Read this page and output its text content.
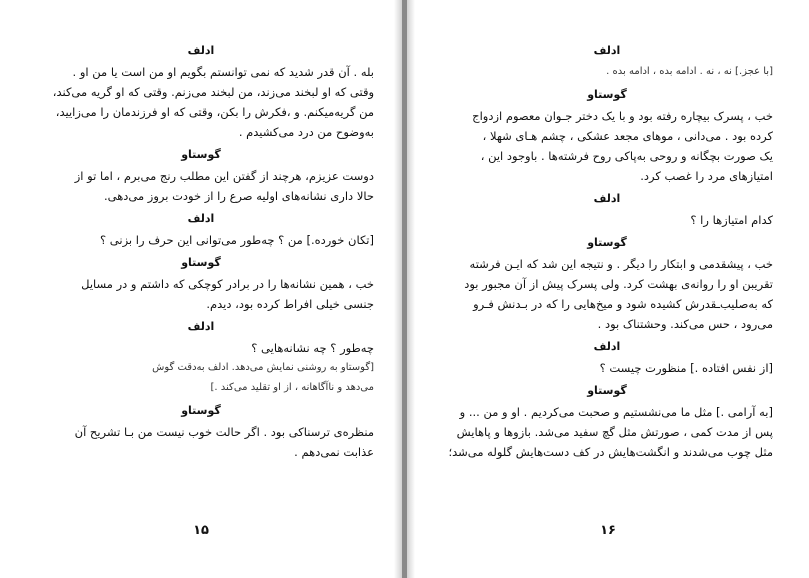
ادلف
بله . آن قدر شدید که نمی توانستم بگویم او من است یا من او .
وقتی که او لبخند می‌زند، من لبخند می‌زنم. وقتی که او گریه می‌کند،
من گریه‌میکنم. و ،فکرش را بکن، وقتی که او فرزندمان را می‌زایید،
به‌وضوح من درد می‌کشیدم .
گوستاو
دوست عزیزم، هرچند از گفتن این مطلب رنج می‌برم ، اما تو از
حالا داری نشانه‌های اولیه صرع را از خودت بروز می‌دهی.
ادلف
[تکان خورده.] من ؟ چه‌طور می‌توانی این حرف را بزنی ؟
گوستاو
خب ، همین نشانه‌ها را در برادر کوچکی که داشتم و در مسایل
جنسی خیلی افراط کرده بود، دیدم.
ادلف
چه‌طور ؟ چه نشانه‌هایی ؟
[گوستاو به روشنی نمایش می‌دهد. ادلف به‌دقت گوش
می‌دهد و ناآگاهانه ، از او تقلید می‌کند .]
گوستاو
منظره‌ی ترسناکی بود . اگر حالت خوب نیست من بـا تشریح آن
عذابت نمی‌دهم .
۱۵
ادلف
[با عجز.] نه ، نه . ادامه بده ، ادامه بده .
گوستاو
خب ، پسرک بیچاره رفته بود و با یک دختر جـوان معصوم ازدواج
کرده بود . می‌دانی ، موهای مجعد عشکی ، چشم هـای شهلا ،
یک صورت بچگانه و روحی به‌پاکی روح فرشته‌ها . باوجود این ،
امتیازهای مرد را غصب کرد.
ادلف
کدام امتیازها را ؟
گوستاو
خب ، پیشقدمی و ابتکار را دیگر . و نتیجه این شد که ایـن فرشته
تقریبن او را روانه‌ی بهشت کرد. ولی پسرک پیش از آن مجبور بود
که به‌صلیب‌ـقدرش کشیده شود و میخ‌هایی را که در بـدنش فـرو
می‌رود ، حس می‌کند. وحشتناک بود .
ادلف
[از نفس افتاده .] منظورت چیست ؟
گوستاو
[به آرامی .] مثل ما می‌نشستیم و صحبت می‌کردیم . او و من ... و
پس از مدت کمی ، صورتش مثل گچ سفید می‌شد. بازوها و پاهایش
مثل چوب می‌شدند و انگشت‌هایش در کف دست‌هایش گلوله می‌شد؛
۱۶
